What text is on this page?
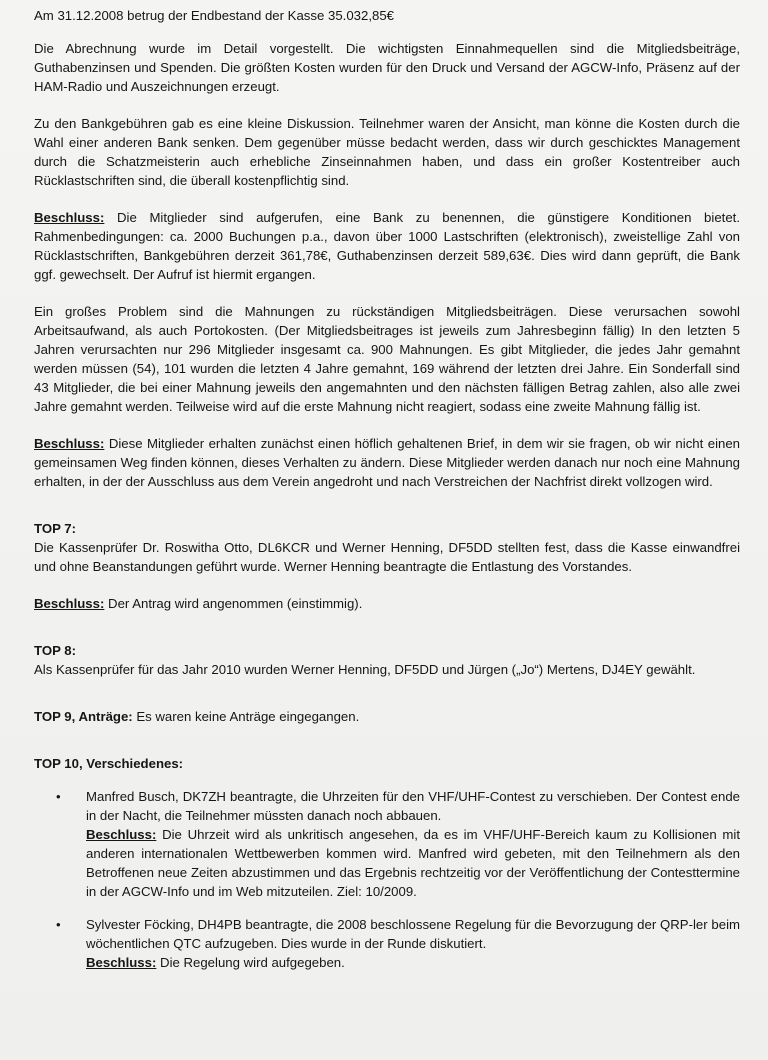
Am 31.12.2008 betrug der Endbestand der Kasse 35.032,85€

Die Abrechnung wurde im Detail vorgestellt. Die wichtigsten Einnahmequellen sind die Mitgliedsbeiträge, Guthabenzinsen und Spenden. Die größten Kosten wurden für den Druck und Versand der AGCW-Info, Präsenz auf der HAM-Radio und Auszeichnungen erzeugt.

Zu den Bankgebühren gab es eine kleine Diskussion. Teilnehmer waren der Ansicht, man könne die Kosten durch die Wahl einer anderen Bank senken. Dem gegenüber müsse bedacht werden, dass wir durch geschicktes Management durch die Schatzmeisterin auch erhebliche Zinseinnahmen haben, und dass ein großer Kostentreiber auch Rücklastschriften sind, die überall kostenpflichtig sind.

Beschluss: Die Mitglieder sind aufgerufen, eine Bank zu benennen, die günstigere Konditionen bietet. Rahmenbedingungen: ca. 2000 Buchungen p.a., davon über 1000 Lastschriften (elektronisch), zweistellige Zahl von Rücklastschriften, Bankgebühren derzeit 361,78€, Guthabenzinsen derzeit 589,63€. Dies wird dann geprüft, die Bank ggf. gewechselt. Der Aufruf ist hiermit ergangen.

Ein großes Problem sind die Mahnungen zu rückständigen Mitgliedsbeiträgen. Diese verursachen sowohl Arbeitsaufwand, als auch Portokosten. (Der Mitgliedsbeitrages ist jeweils zum Jahresbeginn fällig) In den letzten 5 Jahren verursachten nur 296 Mitglieder insgesamt ca. 900 Mahnungen. Es gibt Mitglieder, die jedes Jahr gemahnt werden müssen (54), 101 wurden die letzten 4 Jahre gemahnt, 169 während der letzten drei Jahre. Ein Sonderfall sind 43 Mitglieder, die bei einer Mahnung jeweils den angemahnten und den nächsten fälligen Betrag zahlen, also alle zwei Jahre gemahnt werden. Teilweise wird auf die erste Mahnung nicht reagiert, sodass eine zweite Mahnung fällig ist.

Beschluss: Diese Mitglieder erhalten zunächst einen höflich gehaltenen Brief, in dem wir sie fragen, ob wir nicht einen gemeinsamen Weg finden können, dieses Verhalten zu ändern. Diese Mitglieder werden danach nur noch eine Mahnung erhalten, in der der Ausschluss aus dem Verein angedroht und nach Verstreichen der Nachfrist direkt vollzogen wird.

TOP 7:

Die Kassenprüfer Dr. Roswitha Otto, DL6KCR und Werner Henning, DF5DD stellten fest, dass die Kasse einwandfrei und ohne Beanstandungen geführt wurde. Werner Henning beantragte die Entlastung des Vorstandes.

Beschluss: Der Antrag wird angenommen (einstimmig).

TOP 8:

Als Kassenprüfer für das Jahr 2010 wurden Werner Henning, DF5DD und Jürgen („Jo“) Mertens, DJ4EY gewählt.

TOP 9, Anträge: Es waren keine Anträge eingegangen.

TOP 10, Verschiedenes:

• Manfred Busch, DK7ZH beantragte, die Uhrzeiten für den VHF/UHF-Contest zu verschieben. Der Contest ende in der Nacht, die Teilnehmer müssten danach noch abbauen.

Beschluss: Die Uhrzeit wird als unkritisch angesehen, da es im VHF/UHF-Bereich kaum zu Kollisionen mit anderen internationalen Wettbewerben kommen wird. Manfred wird gebeten, mit den Teilnehmern als den Betroffenen neue Zeiten abzustimmen und das Ergebnis rechtzeitig vor der Veröffentlichung der Contesttermine in der AGCW-Info und im Web mitzuteilen. Ziel: 10/2009.

• Sylvester Föcking, DH4PB beantragte, die 2008 beschlossene Regelung für die Bevorzugung der QRP-ler beim wöchentlichen QTC aufzugeben. Dies wurde in der Runde diskutiert.

Beschluss: Die Regelung wird aufgegeben.
